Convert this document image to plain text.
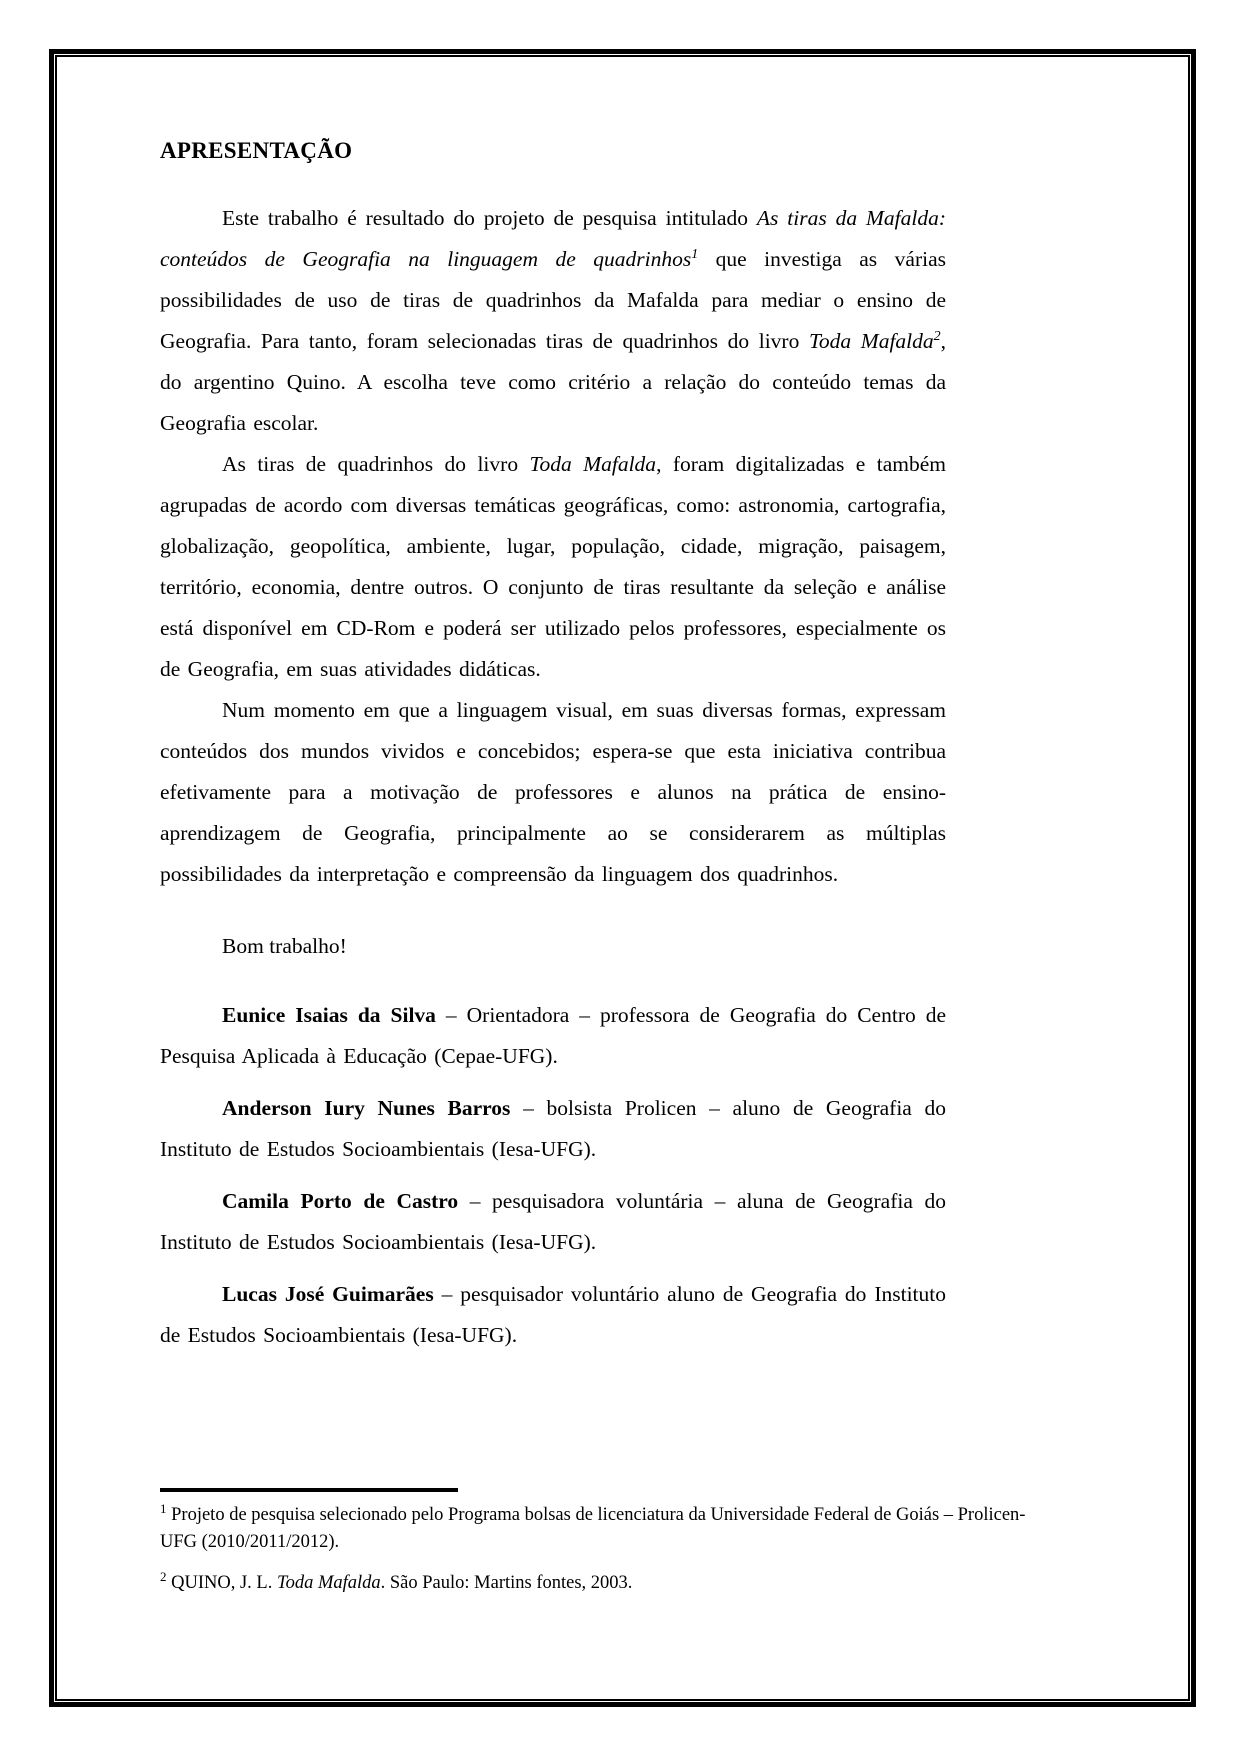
APRESENTAÇÃO

Este trabalho é resultado do projeto de pesquisa intitulado As tiras da Mafalda: conteúdos de Geografia na linguagem de quadrinhos$^1$ que investiga as várias possibilidades de uso de tiras de quadrinhos da Mafalda para mediar o ensino de Geografia. Para tanto, foram selecionadas tiras de quadrinhos do livro Toda Mafalda$^2$, do argentino Quino. A escolha teve como critério a relação do conteúdo temas da Geografia escolar.

As tiras de quadrinhos do livro Toda Mafalda, foram digitalizadas e também agrupadas de acordo com diversas temáticas geográficas, como: astronomia, cartografia, globalização, geopolítica, ambiente, lugar, população, cidade, migração, paisagem, território, economia, dentre outros. O conjunto de tiras resultante da seleção e análise está disponível em CD-Rom e poderá ser utilizado pelos professores, especialmente os de Geografia, em suas atividades didáticas.

Num momento em que a linguagem visual, em suas diversas formas, expressam conteúdos dos mundos vividos e concebidos; espera-se que esta iniciativa contribua efetivamente para a motivação de professores e alunos na prática de ensino-aprendizagem de Geografia, principalmente ao se considerarem as múltiplas possibilidades da interpretação e compreensão da linguagem dos quadrinhos.

Bom trabalho!

Eunice Isaias da Silva – Orientadora – professora de Geografia do Centro de Pesquisa Aplicada à Educação (Cepae-UFG).

Anderson Iury Nunes Barros – bolsista Prolicen – aluno de Geografia do Instituto de Estudos Socioambientais (Iesa-UFG).

Camila Porto de Castro – pesquisadora voluntária – aluna de Geografia do Instituto de Estudos Socioambientais (Iesa-UFG).

Lucas José Guimarães – pesquisador voluntário aluno de Geografia do Instituto de Estudos Socioambientais (Iesa-UFG).

$^1$ Projeto de pesquisa selecionado pelo Programa bolsas de licenciatura da Universidade Federal de Goiás – Prolicen-UFG (2010/2011/2012).

$^2$ QUINO, J. L. Toda Mafalda. São Paulo: Martins fontes, 2003.
